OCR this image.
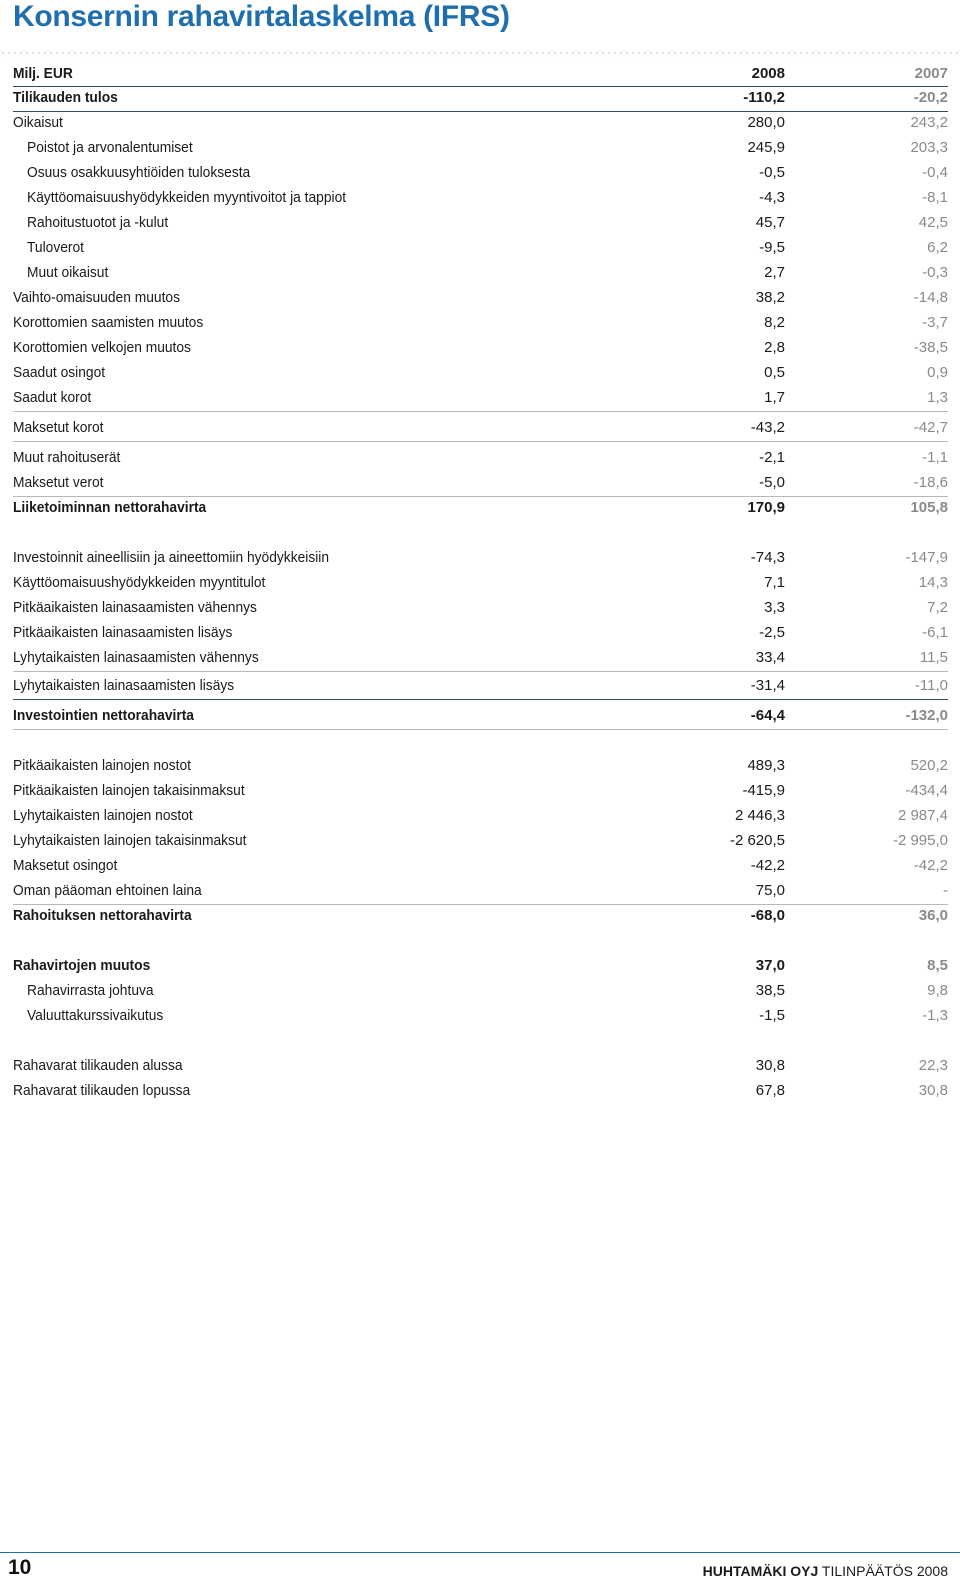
Konsernin rahavirtalaskelma (IFRS)
Milj. EUR	2008	2007
Tilikauden tulos	-110,2	-20,2
Oikaisut	280,0	243,2
Poistot ja arvonalentumiset	245,9	203,3
Osuus osakkuusyhtiöiden tuloksesta	-0,5	-0,4
Käyttöomaisuushyödykkeiden myyntivoitot ja tappiot	-4,3	-8,1
Rahoitustuotot ja -kulut	45,7	42,5
Tuloverot	-9,5	6,2
Muut oikaisut	2,7	-0,3
Vaihto-omaisuuden muutos	38,2	-14,8
Korottomien saamisten muutos	8,2	-3,7
Korottomien velkojen muutos	2,8	-38,5
Saadut osingot	0,5	0,9
Saadut korot	1,7	1,3
Maksetut korot	-43,2	-42,7
Muut rahoituserät	-2,1	-1,1
Maksetut verot	-5,0	-18,6
Liiketoiminnan nettorahavirta	170,9	105,8
Investoinnit aineellisiin ja aineettomiin hyödykkeisiin	-74,3	-147,9
Käyttöomaisuushyödykkeiden myyntitulot	7,1	14,3
Pitkäaikaisten lainasaamisten vähennys	3,3	7,2
Pitkäaikaisten lainasaamisten lisäys	-2,5	-6,1
Lyhytaikaisten lainasaamisten vähennys	33,4	11,5
Lyhytaikaisten lainasaamisten lisäys	-31,4	-11,0
Investointien nettorahavirta	-64,4	-132,0
Pitkäaikaisten lainojen nostot	489,3	520,2
Pitkäaikaisten lainojen takaisinmaksut	-415,9	-434,4
Lyhytaikaisten lainojen nostot	2 446,3	2 987,4
Lyhytaikaisten lainojen takaisinmaksut	-2 620,5	-2 995,0
Maksetut osingot	-42,2	-42,2
Oman pääoman ehtoinen laina	75,0	-
Rahoituksen nettorahavirta	-68,0	36,0
Rahavirtojen muutos	37,0	8,5
Rahavirrasta johtuva	38,5	9,8
Valuuttakurssivaikutus	-1,5	-1,3
Rahavarat tilikauden alussa	30,8	22,3
Rahavarat tilikauden lopussa	67,8	30,8
10	HUHTAMÄKI OYJ TILINPÄÄTÖS 2008
